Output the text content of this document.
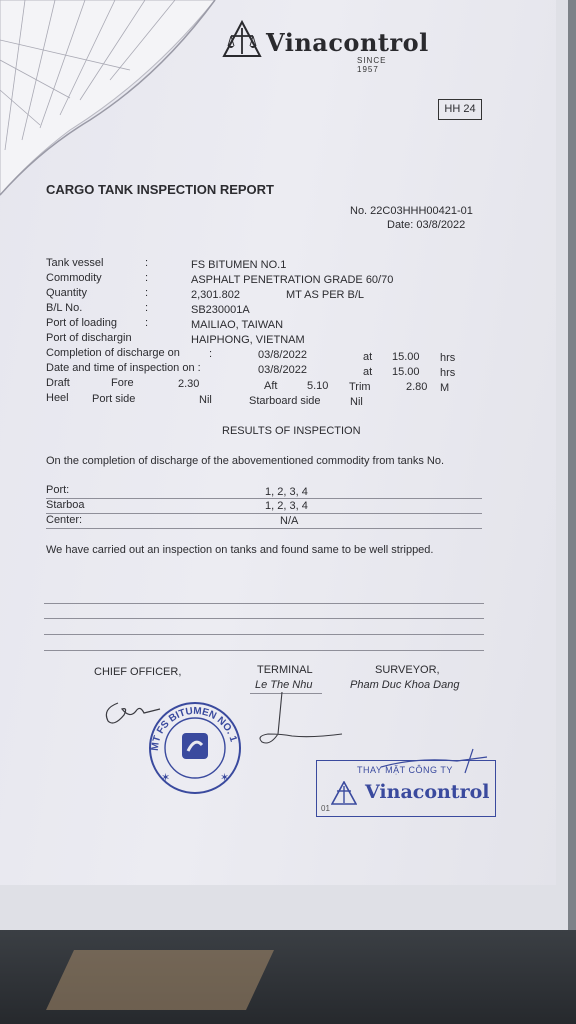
Vinacontrol
SINCE 1957
HH 24
CARGO TANK INSPECTION REPORT
No. 22C03HHH00421-01
Date: 03/8/2022
Tank vessel	:	FS BITUMEN NO.1
Commodity	:	ASPHALT PENETRATION GRADE 60/70
Quantity	:	2,301.802	MT AS PER B/L
B/L No.	:	SB230001A
Port of loading	:	MAILIAO, TAIWAN
Port of dischargin	HAIPHONG, VIETNAM
Completion of discharge on	:	03/8/2022	at 15.00 hrs
Date and time of inspection on :	03/8/2022	at 15.00 hrs
Draft	Fore	2.30	Aft	5.10 Trim	2.80 M
Heel Port side	Nil	Starboard side	Nil
RESULTS OF INSPECTION
On the completion of discharge of the abovementioned commodity from tanks No.
Port:	1, 2, 3, 4
Starboa	1, 2, 3, 4
Center:	N/A
We have carried out an inspection on tanks and found same to be well stripped.
CHIEF OFFICER,	TERMINAL
Le The Nhu
SURVEYOR,
Pham Duc Khoa Dang
MT FS BITUMEN NO. 1
✶	✶
THAY MẶT CÔNG TY
Vinacontrol
01
